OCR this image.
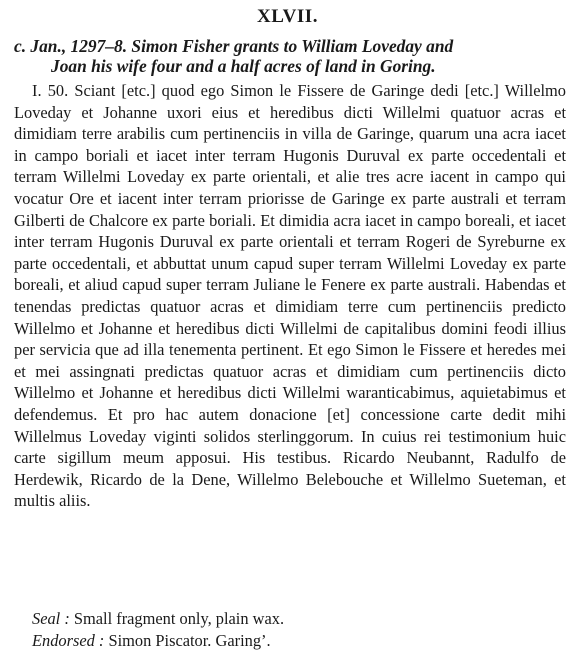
XLVII.
c. Jan., 1297–8. Simon Fisher grants to William Loveday and
Joan his wife four and a half acres of land in Goring.
I. 50. Sciant [etc.] quod ego Simon le Fissere de Garinge dedi [etc.] Willelmo Loveday et Johanne uxori eius et heredibus dicti Willelmi quatuor acras et dimidiam terre arabilis cum pertinenciis in villa de Garinge, quarum una acra iacet in campo boriali et iacet inter terram Hugonis Duruval ex parte occedentali et terram Willelmi Loveday ex parte orientali, et alie tres acre iacent in campo qui vocatur Ore et iacent inter terram priorisse de Garinge ex parte australi et terram Gilberti de Chalcore ex parte boriali. Et dimidia acra iacet in campo boreali, et iacet inter terram Hugonis Duruval ex parte orientali et terram Rogeri de Syreburne ex parte occedentali, et abbuttat unum capud super terram Willelmi Loveday ex parte boreali, et aliud capud super terram Juliane le Fenere ex parte australi. Habendas et tenendas predictas quatuor acras et dimidiam terre cum pertinenciis predicto Willelmo et Johanne et heredibus dicti Willelmi de capitalibus domini feodi illius per servicia que ad illa tenementa pertinent. Et ego Simon le Fissere et heredes mei et mei assingnati predictas quatuor acras et dimidiam cum pertinenciis dicto Willelmo et Johanne et heredibus dicti Willelmi waranticabimus, aquietabimus et defendemus. Et pro hac autem donacione [et] concessione carte dedit mihi Willelmus Loveday viginti solidos sterlinggorum. In cuius rei testimonium huic carte sigillum meum apposui. His testibus. Ricardo Neubannt, Radulfo de Herdewik, Ricardo de la Dene, Willelmo Belebouche et Willelmo Sueteman, et multis aliis.
Seal : Small fragment only, plain wax.
Endorsed : Simon Piscator. Garing’.
